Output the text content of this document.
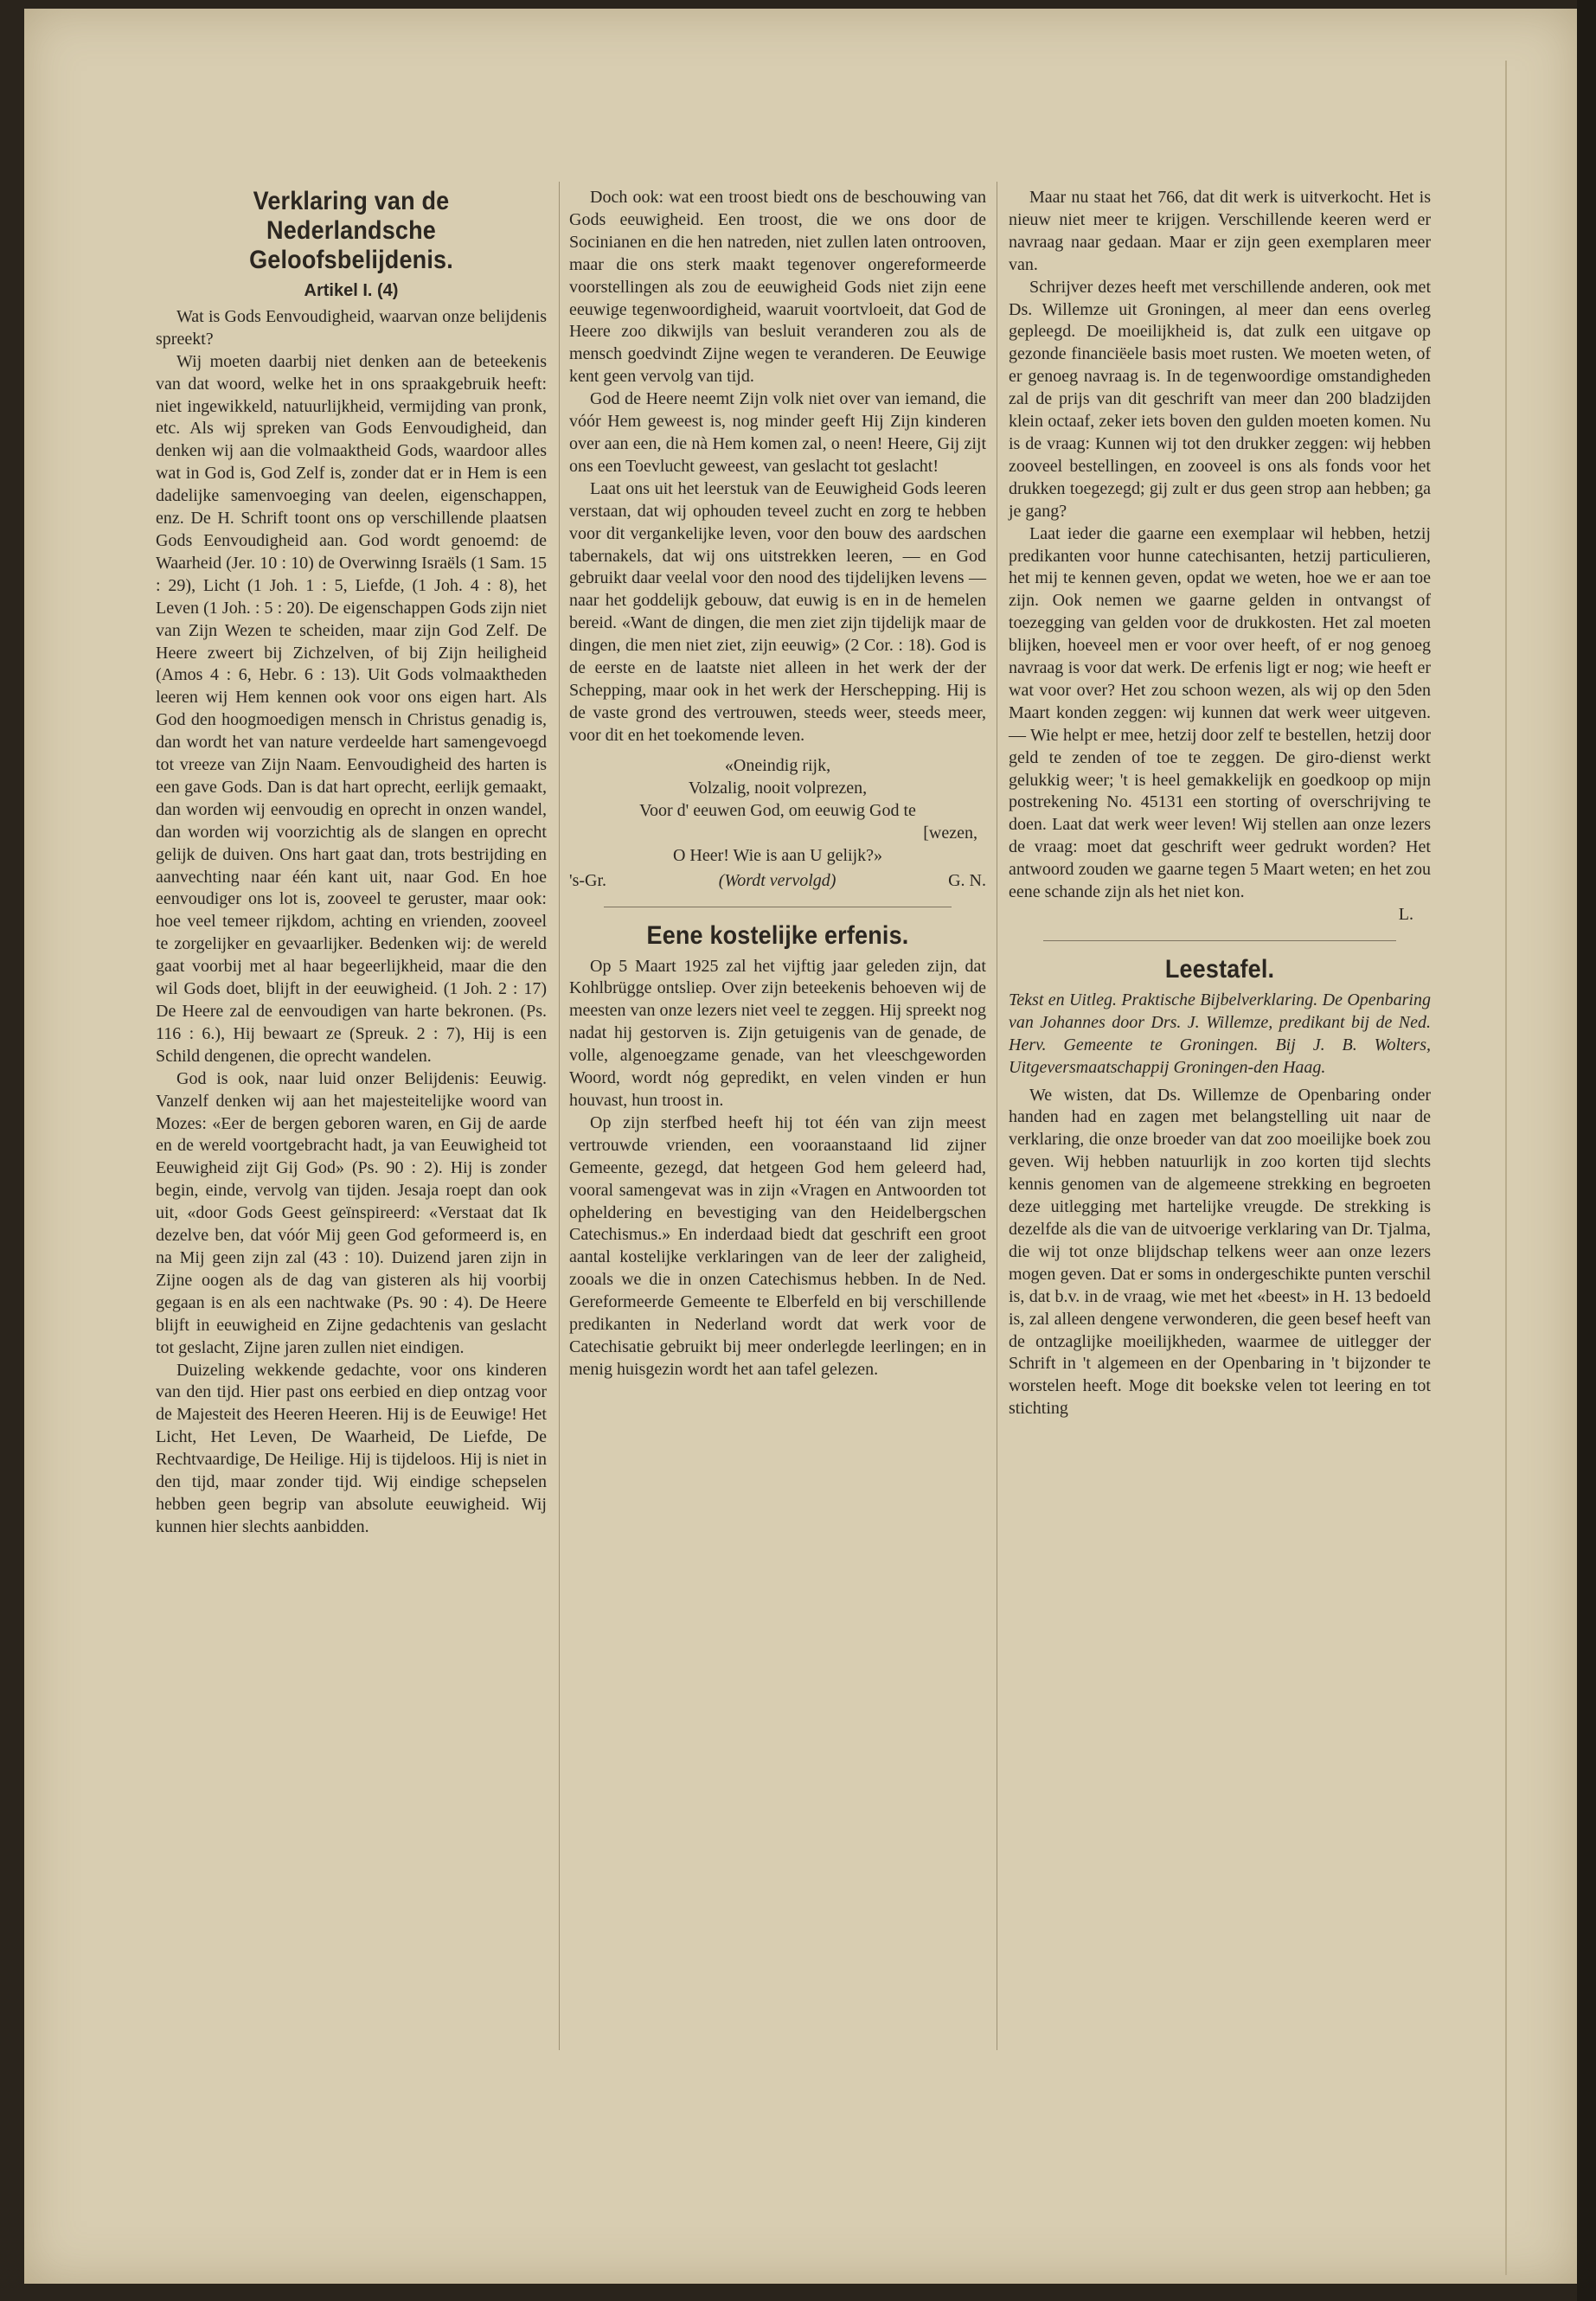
Verklaring van de Nederlandsche Geloofsbelijdenis.
Artikel I. (4)

Wat is Gods Eenvoudigheid, waarvan onze belijdenis spreekt?

Wij moeten daarbij niet denken aan de beteekenis van dat woord, welke het in ons spraakgebruik heeft: niet ingewikkeld, natuurlijkheid, vermijding van pronk, etc. Als wij spreken van Gods Eenvoudigheid, dan denken wij aan die volmaaktheid Gods, waardoor alles wat in God is, God Zelf is, zonder dat er in Hem is een dadelijke samenvoeging van deelen, eigenschappen, enz. De H. Schrift toont ons op verschillende plaatsen Gods Eenvoudigheid aan. God wordt genoemd: de Waarheid (Jer. 10 : 10) de Overwinng Israëls (1 Sam. 15 : 29), Licht (1 Joh. 1 : 5, Liefde, (1 Joh. 4 : 8), het Leven (1 Joh. : 5 : 20). De eigenschappen Gods zijn niet van Zijn Wezen te scheiden, maar zijn God Zelf. De Heere zweert bij Zichzelven, of bij Zijn heiligheid (Amos 4 : 6, Hebr. 6 : 13). Uit Gods volmaaktheden leeren wij Hem kennen ook voor ons eigen hart. Als God den hoogmoedigen mensch in Christus genadig is, dan wordt het van nature verdeelde hart samengevoegd tot vreeze van Zijn Naam. Eenvoudigheid des harten is een gave Gods. Dan is dat hart oprecht, eerlijk gemaakt, dan worden wij eenvoudig en oprecht in onzen wandel, dan worden wij voorzichtig als de slangen en oprecht gelijk de duiven. Ons hart gaat dan, trots bestrijding en aanvechting naar één kant uit, naar God. En hoe eenvoudiger ons lot is, zooveel te geruster, maar ook: hoe veel temeer rijkdom, achting en vrienden, zooveel te zorgelijker en gevaarlijker. Bedenken wij: de wereld gaat voorbij met al haar begeerlijkheid, maar die den wil Gods doet, blijft in der eeuwigheid. (1 Joh. 2 : 17) De Heere zal de eenvoudigen van harte bekronen. (Ps. 116 : 6.), Hij bewaart ze (Spreuk. 2 : 7), Hij is een Schild dengenen, die oprecht wandelen.

God is ook, naar luid onzer Belijdenis: Eeuwig. Vanzelf denken wij aan het majesteitelijke woord van Mozes: «Eer de bergen geboren waren, en Gij de aarde en de wereld voortgebracht hadt, ja van Eeuwigheid tot Eeuwigheid zijt Gij God» (Ps. 90 : 2). Hij is zonder begin, einde, vervolg van tijden. Jesaja roept dan ook uit, «door Gods Geest geïnspireerd: «Verstaat dat Ik dezelve ben, dat vóór Mij geen God geformeerd is, en na Mij geen zijn zal (43 : 10). Duizend jaren zijn in Zijne oogen als de dag van gisteren als hij voorbij gegaan is en als een nachtwake (Ps. 90 : 4). De Heere blijft in eeuwigheid en Zijne gedachtenis van geslacht tot geslacht, Zijne jaren zullen niet eindigen.

Duizeling wekkende gedachte, voor ons kinderen van den tijd. Hier past ons eerbied en diep ontzag voor de Majesteit des Heeren Heeren. Hij is de Eeuwige! Het Licht, Het Leven, De Waarheid, De Liefde, De Rechtvaardige, De Heilige. Hij is tijdeloos. Hij is niet in den tijd, maar zonder tijd. Wij eindige schepselen hebben geen begrip van absolute eeuwigheid. Wij kunnen hier slechts aanbidden.

Doch ook: wat een troost biedt ons de beschouwing van Gods eeuwigheid. Een troost, die we ons door de Socinianen en die hen natreden, niet zullen laten ontrooven, maar die ons sterk maakt tegenover ongereformeerde voorstellingen als zou de eeuwigheid Gods niet zijn eene eeuwige tegenwoordigheid, waaruit voortvloeit, dat God de Heere zoo dikwijls van besluit veranderen zou als de mensch goedvindt Zijne wegen te veranderen. De Eeuwige kent geen vervolg van tijd.

God de Heere neemt Zijn volk niet over van iemand, die vóór Hem geweest is, nog minder geeft Hij Zijn kinderen over aan een, die nà Hem komen zal, o neen! Heere, Gij zijt ons een Toevlucht geweest, van geslacht tot geslacht!

Laat ons uit het leerstuk van de Eeuwigheid Gods leeren verstaan, dat wij ophouden teveel zucht en zorg te hebben voor dit vergankelijke leven, voor den bouw des aardschen tabernakels, dat wij ons uitstrekken leeren, — en God gebruikt daar veelal voor den nood des tijdelijken levens — naar het goddelijk gebouw, dat euwig is en in de hemelen bereid. «Want de dingen, die men ziet zijn tijdelijk maar de dingen, die men niet ziet, zijn eeuwig» (2 Cor. : 18). God is de eerste en de laatste niet alleen in het werk der der Schepping, maar ook in het werk der Herschepping. Hij is de vaste grond des vertrouwen, steeds weer, steeds meer, voor dit en het toekomende leven.

«Oneindig rijk,
Volzalig, nooit volprezen,
Voor d' eeuwen God, om eeuwig God te
[wezen,
O Heer! Wie is aan U gelijk?»
's-Gr.	(Wordt vervolgd)	G. N.
Eene kostelijke erfenis.

Op 5 Maart 1925 zal het vijftig jaar geleden zijn, dat Kohlbrügge ontsliep. Over zijn beteekenis behoeven wij de meesten van onze lezers niet veel te zeggen. Hij spreekt nog nadat hij gestorven is. Zijn getuigenis van de genade, de volle, algenoegzame genade, van het vleeschgeworden Woord, wordt nóg gepredikt, en velen vinden er hun houvast, hun troost in.

Op zijn sterfbed heeft hij tot één van zijn meest vertrouwde vrienden, een vooraanstaand lid zijner Gemeente, gezegd, dat hetgeen God hem geleerd had, vooral samengevat was in zijn «Vragen en Antwoorden tot opheldering en bevestiging van den Heidelbergschen Catechismus.» En inderdaad biedt dat geschrift een groot aantal kostelijke verklaringen van de leer der zaligheid, zooals we die in onzen Catechismus hebben. In de Ned. Gereformeerde Gemeente te Elberfeld en bij verschillende predikanten in Nederland wordt dat werk voor de Catechisatie gebruikt bij meer onderlegde leerlingen; en in menig huisgezin wordt het aan tafel gelezen.

Maar nu staat het 766, dat dit werk is uitverkocht. Het is nieuw niet meer te krijgen. Verschillende keeren werd er navraag naar gedaan. Maar er zijn geen exemplaren meer van.

Schrijver dezes heeft met verschillende anderen, ook met Ds. Willemze uit Groningen, al meer dan eens overleg gepleegd. De moeilijkheid is, dat zulk een uitgave op gezonde financiëele basis moet rusten. We moeten weten, of er genoeg navraag is. In de tegenwoordige omstandigheden zal de prijs van dit geschrift van meer dan 200 bladzijden klein octaaf, zeker iets boven den gulden moeten komen. Nu is de vraag: Kunnen wij tot den drukker zeggen: wij hebben zooveel bestellingen, en zooveel is ons als fonds voor het drukken toegezegd; gij zult er dus geen strop aan hebben; ga je gang?

Laat ieder die gaarne een exemplaar wil hebben, hetzij predikanten voor hunne catechisanten, hetzij particulieren, het mij te kennen geven, opdat we weten, hoe we er aan toe zijn. Ook nemen we gaarne gelden in ontvangst of toezegging van gelden voor de drukkosten. Het zal moeten blijken, hoeveel men er voor over heeft, of er nog genoeg navraag is voor dat werk. De erfenis ligt er nog; wie heeft er wat voor over? Het zou schoon wezen, als wij op den 5den Maart konden zeggen: wij kunnen dat werk weer uitgeven. — Wie helpt er mee, hetzij door zelf te bestellen, hetzij door geld te zenden of toe te zeggen. De giro-dienst werkt gelukkig weer; 't is heel gemakkelijk en goedkoop op mijn postrekening No. 45131 een storting of overschrijving te doen. Laat dat werk weer leven! Wij stellen aan onze lezers de vraag: moet dat geschrift weer gedrukt worden? Het antwoord zouden we gaarne tegen 5 Maart weten; en het zou eene schande zijn als het niet kon.

L.
Leestafel.

Tekst en Uitleg. Praktische Bijbelverklaring. De Openbaring van Johannes door Drs. J. Willemze, predikant bij de Ned. Herv. Gemeente te Groningen. Bij J. B. Wolters, Uitgeversmaatschappij Groningen-den Haag.

We wisten, dat Ds. Willemze de Openbaring onder handen had en zagen met belangstelling uit naar de verklaring, die onze broeder van dat zoo moeilijke boek zou geven. Wij hebben natuurlijk in zoo korten tijd slechts kennis genomen van de algemeene strekking en begroeten deze uitlegging met hartelijke vreugde. De strekking is dezelfde als die van de uitvoerige verklaring van Dr. Tjalma, die wij tot onze blijdschap telkens weer aan onze lezers mogen geven. Dat er soms in ondergeschikte punten verschil is, dat b.v. in de vraag, wie met het «beest» in H. 13 bedoeld is, zal alleen dengene verwonderen, die geen besef heeft van de ontzaglijke moeilijkheden, waarmee de uitlegger der Schrift in 't algemeen en der Openbaring in 't bijzonder te worstelen heeft. Moge dit boekske velen tot leering en tot stichting
